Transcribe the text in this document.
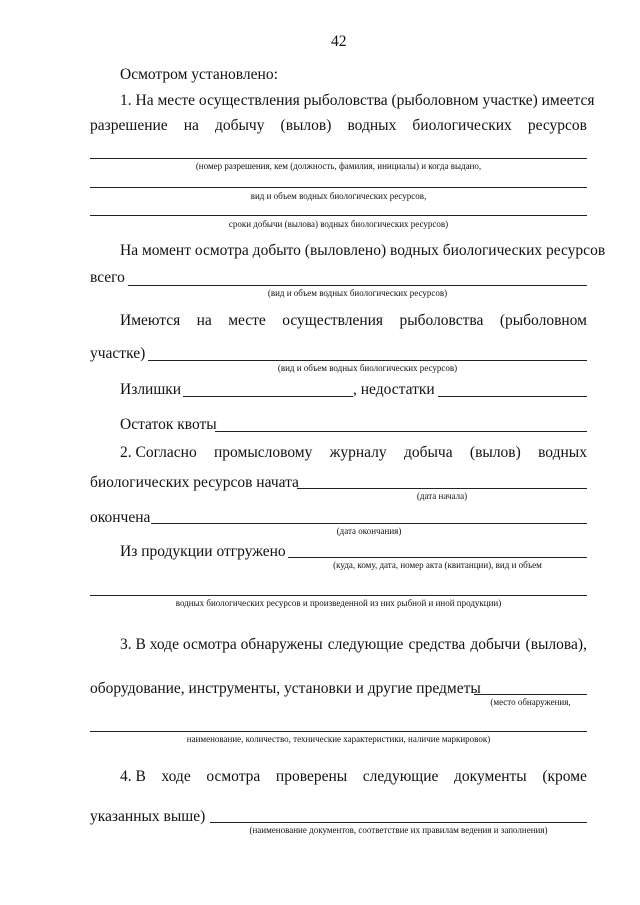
42
Осмотром установлено:
1. На месте осуществления рыболовства (рыболовном участке) имеется
разрешение на добычу (вылов) водных биологических ресурсов
(номер разрешения, кем (должность, фамилия, инициалы) и когда выдано,
вид и объем водных биологических ресурсов,
сроки добычи (вылова) водных биологических ресурсов)
На момент осмотра добыто (выловлено) водных биологических ресурсов
всего
(вид и объем водных биологических ресурсов)
Имеются на месте осуществления рыболовства (рыболовном
участке)
(вид и объем водных биологических ресурсов)
Излишки	, недостатки
Остаток квоты
2. Согласно промысловому журналу добыча (вылов) водных
биологических ресурсов начата
(дата начала)
окончена
(дата окончания)
Из продукции отгружено
(куда, кому, дата, номер акта (квитанции), вид и объем
водных биологических ресурсов и произведенной из них рыбной и иной продукции)
3. В ходе осмотра обнаружены следующие средства добычи (вылова),
оборудование, инструменты, установки и другие предметы
(место обнаружения,
наименование, количество, технические характеристики, наличие маркировок)
4. В ходе осмотра проверены следующие документы (кроме
указанных выше)
(наименование документов, соответствие их правилам ведения и заполнения)
